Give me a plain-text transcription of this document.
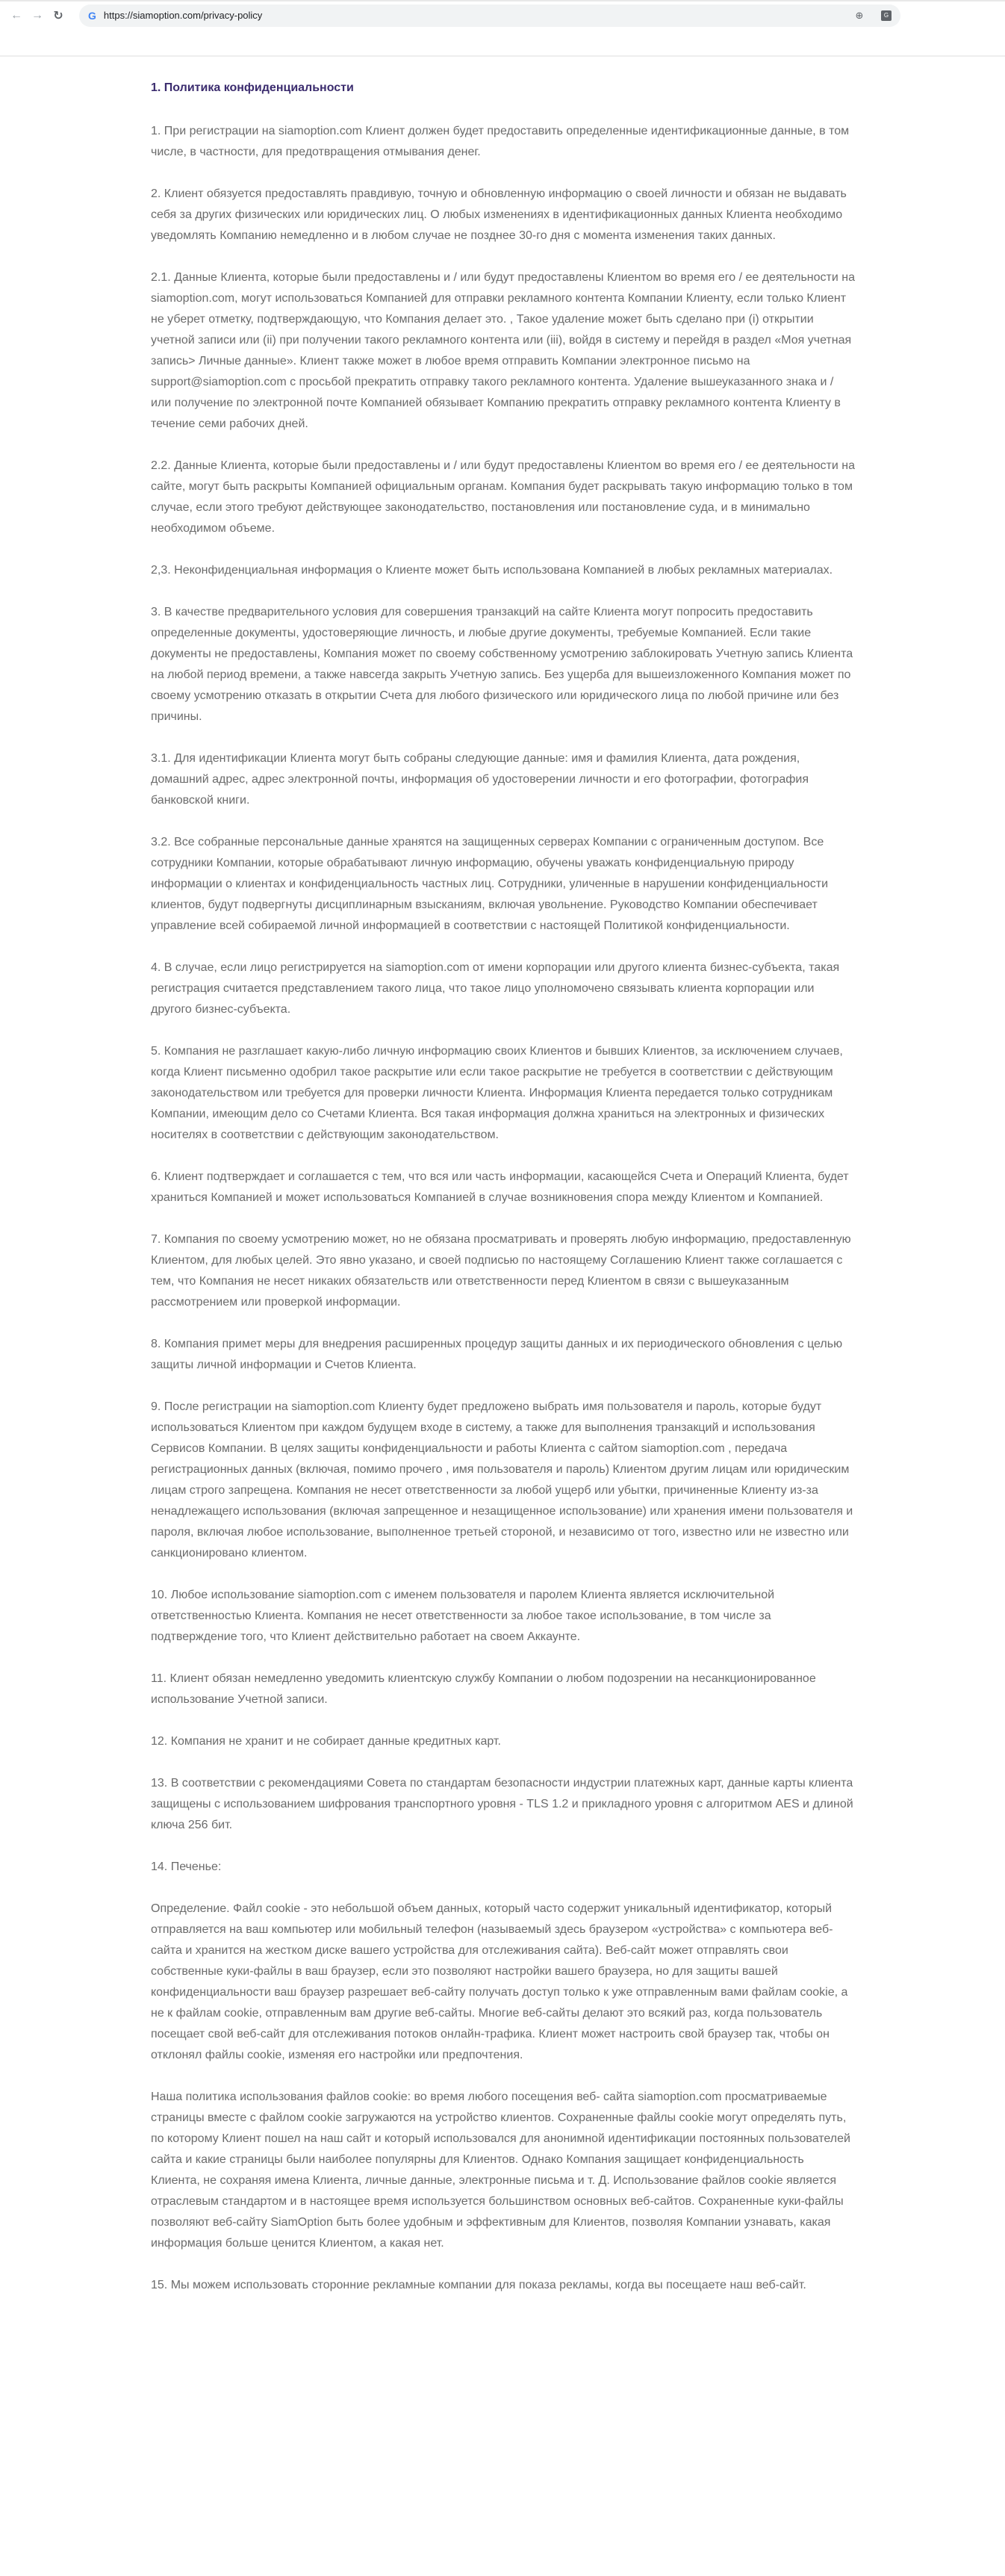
← → ↻	G https://siamoption.com/privacy-policy	⊕	G
1. Политика конфиденциальности

1. При регистрации на siamoption.com Клиент должен будет предоставить определенные идентификационные данные, в том числе, в частности, для предотвращения отмывания денег.

2. Клиент обязуется предоставлять правдивую, точную и обновленную информацию о своей личности и обязан не выдавать себя за других физических или юридических лиц. О любых изменениях в идентификационных данных Клиента необходимо уведомлять Компанию немедленно и в любом случае не позднее 30-го дня с момента изменения таких данных.

2.1. Данные Клиента, которые были предоставлены и / или будут предоставлены Клиентом во время его / ее деятельности на siamoption.com, могут использоваться Компанией для отправки рекламного контента Компании Клиенту, если только Клиент не уберет отметку, подтверждающую, что Компания делает это. , Такое удаление может быть сделано при (i) открытии учетной записи или (ii) при получении такого рекламного контента или (iii), войдя в систему и перейдя в раздел «Моя учетная запись> Личные данные». Клиент также может в любое время отправить Компании электронное письмо на support@siamoption.com с просьбой прекратить отправку такого рекламного контента. Удаление вышеуказанного знака и / или получение по электронной почте Компанией обязывает Компанию прекратить отправку рекламного контента Клиенту в течение семи рабочих дней.

2.2. Данные Клиента, которые были предоставлены и / или будут предоставлены Клиентом во время его / ее деятельности на сайте, могут быть раскрыты Компанией официальным органам. Компания будет раскрывать такую информацию только в том случае, если этого требуют действующее законодательство, постановления или постановление суда, и в минимально необходимом объеме.

2,3. Неконфиденциальная информация о Клиенте может быть использована Компанией в любых рекламных материалах.

3. В качестве предварительного условия для совершения транзакций на сайте Клиента могут попросить предоставить определенные документы, удостоверяющие личность, и любые другие документы, требуемые Компанией. Если такие документы не предоставлены, Компания может по своему собственному усмотрению заблокировать Учетную запись Клиента на любой период времени, а также навсегда закрыть Учетную запись. Без ущерба для вышеизложенного Компания может по своему усмотрению отказать в открытии Счета для любого физического или юридического лица по любой причине или без причины.

3.1. Для идентификации Клиента могут быть собраны следующие данные: имя и фамилия Клиента, дата рождения, домашний адрес, адрес электронной почты, информация об удостоверении личности и его фотографии, фотография банковской книги.

3.2. Все собранные персональные данные хранятся на защищенных серверах Компании с ограниченным доступом. Все сотрудники Компании, которые обрабатывают личную информацию, обучены уважать конфиденциальную природу информации о клиентах и конфиденциальность частных лиц. Сотрудники, уличенные в нарушении конфиденциальности клиентов, будут подвергнуты дисциплинарным взысканиям, включая увольнение. Руководство Компании обеспечивает управление всей собираемой личной информацией в соответствии с настоящей Политикой конфиденциальности.

4. В случае, если лицо регистрируется на siamoption.com от имени корпорации или другого клиента бизнес-субъекта, такая регистрация считается представлением такого лица, что такое лицо уполномочено связывать клиента корпорации или другого бизнес-субъекта.

5. Компания не разглашает какую-либо личную информацию своих Клиентов и бывших Клиентов, за исключением случаев, когда Клиент письменно одобрил такое раскрытие или если такое раскрытие не требуется в соответствии с действующим законодательством или требуется для проверки личности Клиента. Информация Клиента передается только сотрудникам Компании, имеющим дело со Счетами Клиента. Вся такая информация должна храниться на электронных и физических носителях в соответствии с действующим законодательством.

6. Клиент подтверждает и соглашается с тем, что вся или часть информации, касающейся Счета и Операций Клиента, будет храниться Компанией и может использоваться Компанией в случае возникновения спора между Клиентом и Компанией.

7. Компания по своему усмотрению может, но не обязана просматривать и проверять любую информацию, предоставленную Клиентом, для любых целей. Это явно указано, и своей подписью по настоящему Соглашению Клиент также соглашается с тем, что Компания не несет никаких обязательств или ответственности перед Клиентом в связи с вышеуказанным рассмотрением или проверкой информации.

8. Компания примет меры для внедрения расширенных процедур защиты данных и их периодического обновления с целью защиты личной информации и Счетов Клиента.

9. После регистрации на siamoption.com Клиенту будет предложено выбрать имя пользователя и пароль, которые будут использоваться Клиентом при каждом будущем входе в систему, а также для выполнения транзакций и использования Сервисов Компании. В целях защиты конфиденциальности и работы Клиента с сайтом siamoption.com , передача регистрационных данных (включая, помимо прочего , имя пользователя и пароль) Клиентом другим лицам или юридическим лицам строго запрещена. Компания не несет ответственности за любой ущерб или убытки, причиненные Клиенту из-за ненадлежащего использования (включая запрещенное и незащищенное использование) или хранения имени пользователя и пароля, включая любое использование, выполненное третьей стороной, и независимо от того, известно или не известно или санкционировано клиентом.

10. Любое использование siamoption.com с именем пользователя и паролем Клиента является исключительной ответственностью Клиента. Компания не несет ответственности за любое такое использование, в том числе за подтверждение того, что Клиент действительно работает на своем Аккаунте.

11. Клиент обязан немедленно уведомить клиентскую службу Компании о любом подозрении на несанкционированное использование Учетной записи.

12. Компания не хранит и не собирает данные кредитных карт.

13. В соответствии с рекомендациями Совета по стандартам безопасности индустрии платежных карт, данные карты клиента защищены с использованием шифрования транспортного уровня - TLS 1.2 и прикладного уровня с алгоритмом AES и длиной ключа 256 бит.

14. Печенье:

Определение. Файл cookie - это небольшой объем данных, который часто содержит уникальный идентификатор, который отправляется на ваш компьютер или мобильный телефон (называемый здесь браузером «устройства» с компьютера веб-сайта и хранится на жестком диске вашего устройства для отслеживания сайта). Веб-сайт может отправлять свои собственные куки-файлы в ваш браузер, если это позволяют настройки вашего браузера, но для защиты вашей конфиденциальности ваш браузер разрешает веб-сайту получать доступ только к уже отправленным вами файлам cookie, а не к файлам cookie, отправленным вам другие веб-сайты. Многие веб-сайты делают это всякий раз, когда пользователь посещает свой веб-сайт для отслеживания потоков онлайн-трафика. Клиент может настроить свой браузер так, чтобы он отклонял файлы cookie, изменяя его настройки или предпочтения.

Наша политика использования файлов cookie: во время любого посещения веб- сайта siamoption.com просматриваемые страницы вместе с файлом cookie загружаются на устройство клиентов. Сохраненные файлы cookie могут определять путь, по которому Клиент пошел на наш сайт и который использовался для анонимной идентификации постоянных пользователей сайта и какие страницы были наиболее популярны для Клиентов. Однако Компания защищает конфиденциальность Клиента, не сохраняя имена Клиента, личные данные, электронные письма и т. Д. Использование файлов cookie является отраслевым стандартом и в настоящее время используется большинством основных веб-сайтов. Сохраненные куки-файлы позволяют веб-сайту SiamOption быть более удобным и эффективным для Клиентов, позволяя Компании узнавать, какая информация больше ценится Клиентом, а какая нет.

15. Мы можем использовать сторонние рекламные компании для показа рекламы, когда вы посещаете наш веб-сайт.
